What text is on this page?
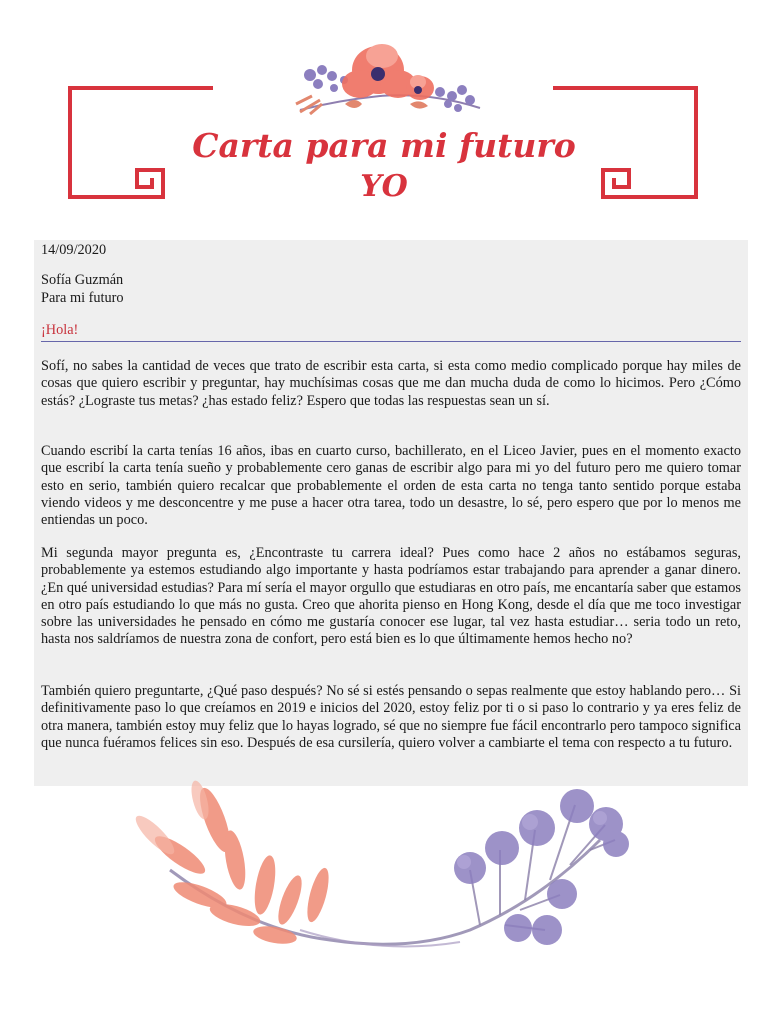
Carta para mi futuro
YO

14/09/2020

Sofía Guzmán

Para mi futuro

¡Hola!

Sofí, no sabes la cantidad de veces que trato de escribir esta carta, si esta como medio complicado porque hay miles de cosas que quiero escribir y preguntar, hay muchísimas cosas que me dan mucha duda de como lo hicimos. Pero ¿Cómo estás? ¿Lograste tus metas? ¿has estado feliz? Espero que todas las respuestas sean un sí.

Cuando escribí la carta tenías 16 años, ibas en cuarto curso, bachillerato, en el Liceo Javier, pues en el momento exacto que escribí la carta tenía sueño y probablemente cero ganas de escribir algo para mi yo del futuro pero me quiero tomar esto en serio, también quiero recalcar que probablemente el orden de esta carta no tenga tanto sentido porque estaba viendo videos y me desconcentre y me puse a hacer otra tarea, todo un desastre, lo sé, pero espero que por lo menos me entiendas un poco.

Mi segunda mayor pregunta es, ¿Encontraste tu carrera ideal? Pues como hace 2 años no estábamos seguras, probablemente ya estemos estudiando algo importante y hasta podríamos estar trabajando para aprender a ganar dinero. ¿En qué universidad estudias? Para mí sería el mayor orgullo que estudiaras en otro país, me encantaría saber que estamos en otro país estudiando lo que más no gusta. Creo que ahorita pienso en Hong Kong, desde el día que me toco investigar sobre las universidades he pensado en cómo me gustaría conocer ese lugar, tal vez hasta estudiar… seria todo un reto, hasta nos saldríamos de nuestra zona de confort, pero está bien es lo que últimamente hemos hecho no?

También quiero preguntarte, ¿Qué paso después? No sé si estés pensando o sepas realmente que estoy hablando pero… Si definitivamente paso lo que creíamos en 2019 e inicios del 2020, estoy feliz por ti o si paso lo contrario y ya eres feliz de otra manera, también estoy muy feliz que lo hayas logrado, sé que no siempre fue fácil encontrarlo pero tampoco significa que nunca fuéramos felices sin eso. Después de esa cursilería, quiero volver a cambiarte el tema con respecto a tu futuro.
